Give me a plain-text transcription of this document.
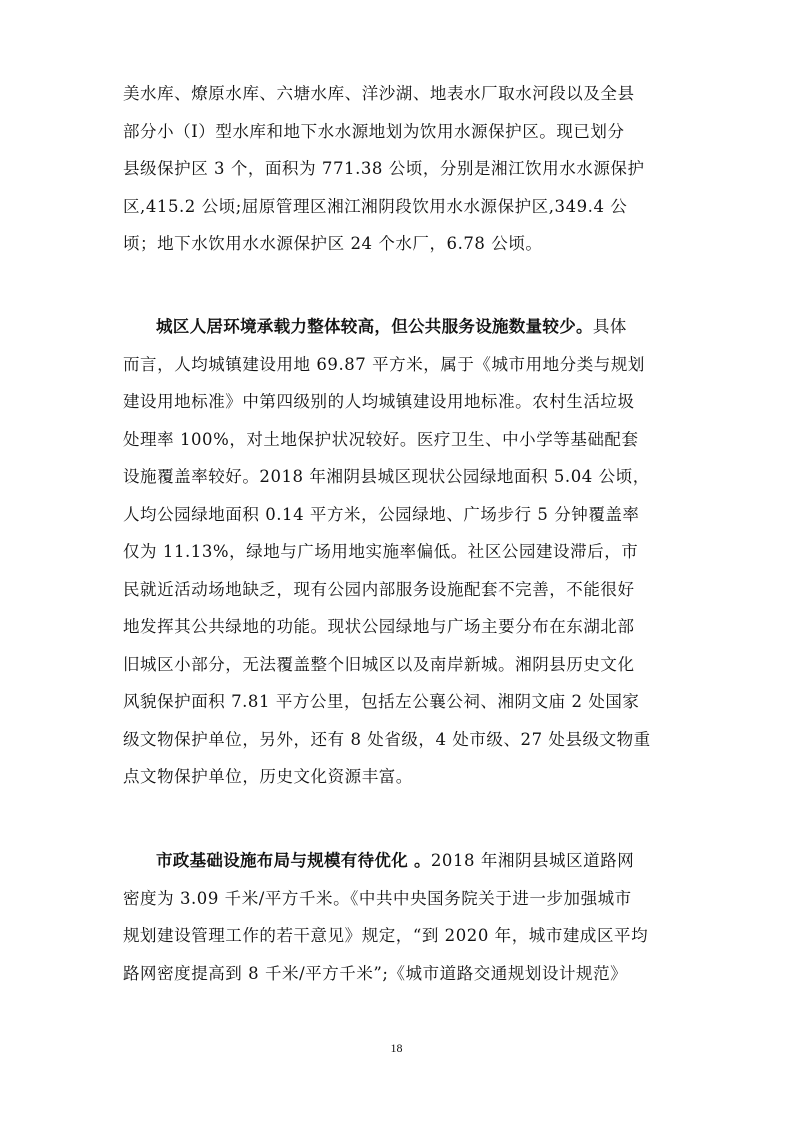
美水库、燎原水库、六塘水库、洋沙湖、地表水厂取水河段以及全县
部分小（Ⅰ）型水库和地下水水源地划为饮用水源保护区。现已划分
县级保护区 3 个，面积为 771.38 公顷，分别是湘江饮用水水源保护
区,415.2 公顷;屈原管理区湘江湘阴段饮用水水源保护区,349.4 公
顷；地下水饮用水水源保护区 24 个水厂，6.78 公顷。
城区人居环境承载力整体较高，但公共服务设施数量较少。具体
而言，人均城镇建设用地 69.87 平方米，属于《城市用地分类与规划
建设用地标准》中第四级别的人均城镇建设用地标准。农村生活垃圾
处理率 100%，对土地保护状况较好。医疗卫生、中小学等基础配套
设施覆盖率较好。2018 年湘阴县城区现状公园绿地面积 5.04 公顷，
人均公园绿地面积 0.14 平方米，公园绿地、广场步行 5 分钟覆盖率
仅为 11.13%，绿地与广场用地实施率偏低。社区公园建设滞后，市
民就近活动场地缺乏，现有公园内部服务设施配套不完善，不能很好
地发挥其公共绿地的功能。现状公园绿地与广场主要分布在东湖北部
旧城区小部分，无法覆盖整个旧城区以及南岸新城。湘阴县历史文化
风貌保护面积 7.81 平方公里，包括左公襄公祠、湘阴文庙 2 处国家
级文物保护单位，另外，还有 8 处省级，4 处市级、27 处县级文物重
点文物保护单位，历史文化资源丰富。
市政基础设施布局与规模有待优化 。2018 年湘阴县城区道路网
密度为 3.09 千米/平方千米。《中共中央国务院关于进一步加强城市
规划建设管理工作的若干意见》规定，“到 2020 年，城市建成区平均
路网密度提高到 8 千米/平方千米”;《城市道路交通规划设计规范》
18
